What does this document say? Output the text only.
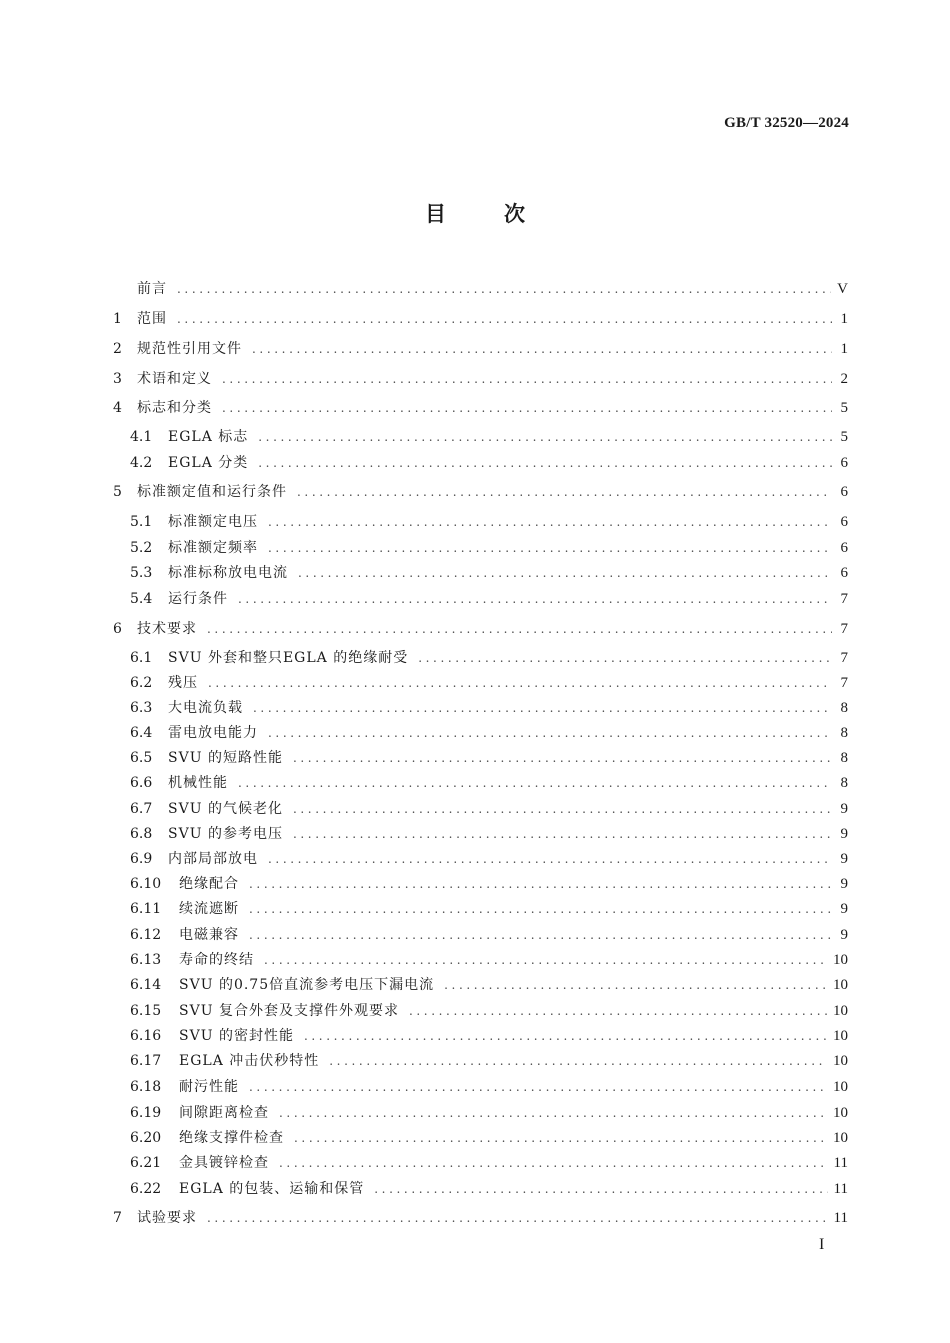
GB/T 32520—2024
目次
前言 .....	V
1	范围 .....	1
2	规范性引用文件 .....	1
3	术语和定义 .....	2
4	标志和分类 .....	5
4.1	EGLA 标志 .....	5
4.2	EGLA 分类 .....	6
5	标准额定值和运行条件 .....	6
5.1	标准额定电压 .....	6
5.2	标准额定频率 .....	6
5.3	标准标称放电电流 .....	6
5.4	运行条件 .....	7
6	技术要求 .....	7
6.1	SVU 外套和整只EGLA 的绝缘耐受 .....	7
6.2	残压 .....	7
6.3	大电流负载 .....	8
6.4	雷电放电能力 .....	8
6.5	SVU 的短路性能 .....	8
6.6	机械性能 .....	8
6.7	SVU 的气候老化 .....	9
6.8	SVU 的参考电压 .....	9
6.9	内部局部放电 .....	9
6.10	绝缘配合 .....	9
6.11	续流遮断 .....	9
6.12	电磁兼容 .....	9
6.13	寿命的终结 .....	10
6.14	SVU 的0.75倍直流参考电压下漏电流 .....	10
6.15	SVU 复合外套及支撑件外观要求 .....	10
6.16	SVU 的密封性能 .....	10
6.17	EGLA 冲击伏秒特性 .....	10
6.18	耐污性能 .....	10
6.19	间隙距离检查 .....	10
6.20	绝缘支撑件检查 .....	10
6.21	金具镀锌检查 .....	11
6.22	EGLA 的包装、运输和保管 .....	11
7	试验要求 .....	11
I
